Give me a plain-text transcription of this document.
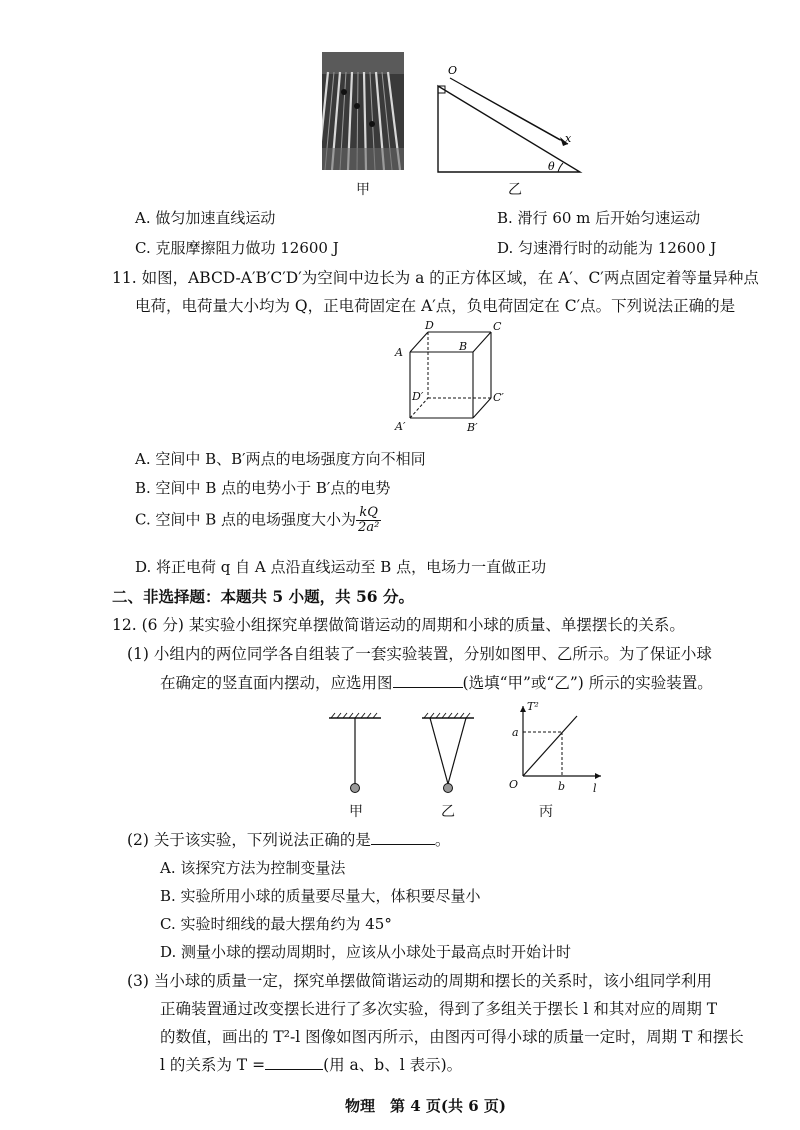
甲
O
x
θ
乙
A. 做匀加速直线运动	B. 滑行 60 m 后开始匀速运动
C. 克服摩擦阻力做功 12600 J	D. 匀速滑行时的动能为 12600 J
11. 如图，ABCD-A′B′C′D′为空间中边长为 a 的正方体区域，在 A′、C′两点固定着等量异种点
电荷，电荷量大小均为 Q，正电荷固定在 A′点，负电荷固定在 C′点。下列说法正确的是
D	C
A	B
D′	C′
A′	B′
A. 空间中 B、B′两点的电场强度方向不相同
B. 空间中 B 点的电势小于 B′点的电势
C. 空间中 B 点的电场强度大小为 $\frac{kQ}{\text{2a²}}$
D. 将正电荷 q 自 A 点沿直线运动至 B 点，电场力一直做正功
二、非选择题：本题共 5 小题，共 56 分。
12. (6 分) 某实验小组探究单摆做简谐运动的周期和小球的质量、单摆摆长的关系。
(1) 小组内的两位同学各自组装了一套实验装置，分别如图甲、乙所示。为了保证小球
在确定的竖直面内摆动，应选用图	(选填“甲”或“乙”) 所示的实验装置。
甲	乙
T²
a
O	b	l
丙
(2) 关于该实验，下列说法正确的是	。
A. 该探究方法为控制变量法
B. 实验所用小球的质量要尽量大，体积要尽量小
C. 实验时细线的最大摆角约为 45°
D. 测量小球的摆动周期时，应该从小球处于最高点时开始计时
(3) 当小球的质量一定，探究单摆做简谐运动的周期和摆长的关系时，该小组同学利用
正确装置通过改变摆长进行了多次实验，得到了多组关于摆长 l 和其对应的周期 T
的数值，画出的 T²-l 图像如图丙所示，由图丙可得小球的质量一定时，周期 T 和摆长
l 的关系为 T =	(用 a、b、l 表示)。
物理　第 4 页(共 6 页)
